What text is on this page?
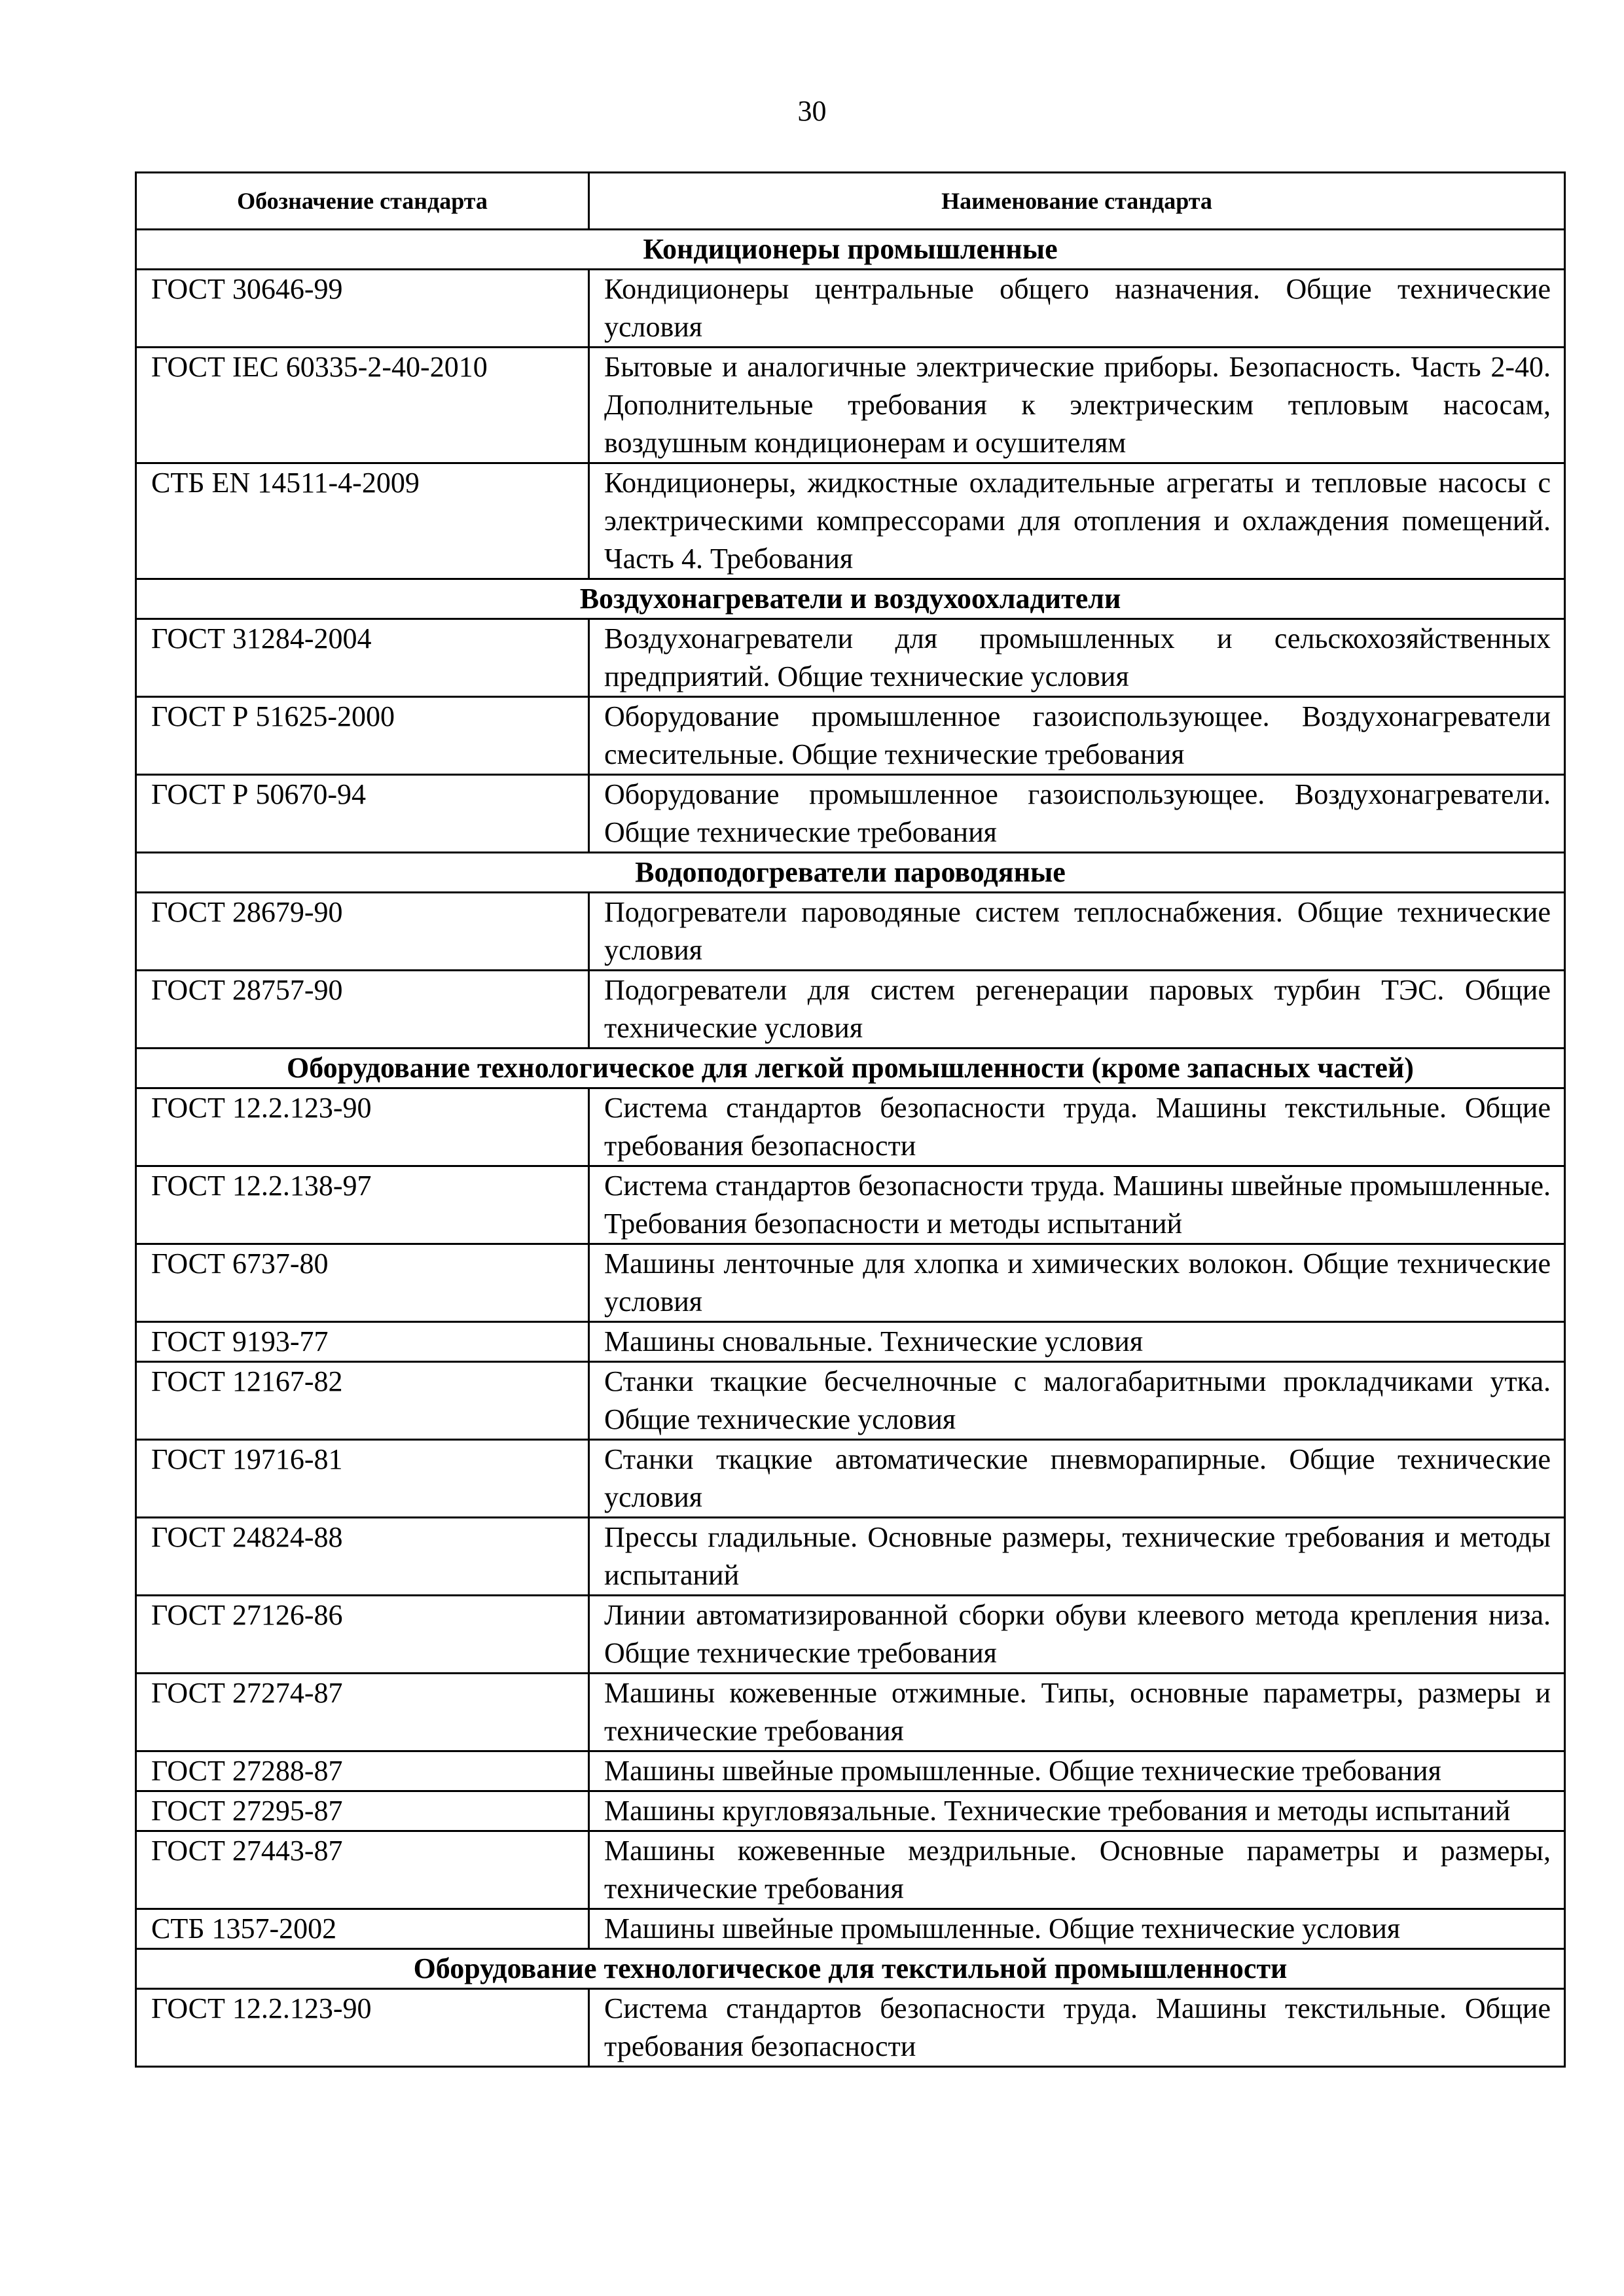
30
Обозначение стандарта	Наименование стандарта
Кондиционеры промышленные	
ГОСТ 30646-99	Кондиционеры центральные общего назначения. Общие технические условия
ГОСТ IEC 60335-2-40-2010	Бытовые и аналогичные электрические приборы. Безопасность. Часть 2-40. Дополнительные требования к электрическим тепловым насосам, воздушным кондиционерам и осушителям
СТБ EN 14511-4-2009	Кондиционеры, жидкостные охладительные агрегаты и тепловые насосы с электрическими компрессорами для отопления и охлаждения помещений. Часть 4. Требования
Воздухонагреватели и воздухоохладители	
ГОСТ 31284-2004	Воздухонагреватели для промышленных и сельскохозяйственных предприятий. Общие технические условия
ГОСТ Р 51625-2000	Оборудование промышленное газоиспользующее. Воздухонагреватели смесительные. Общие технические требования
ГОСТ Р 50670-94	Оборудование промышленное газоиспользующее. Воздухонагреватели. Общие технические требования
Водоподогреватели пароводяные	
ГОСТ 28679-90	Подогреватели пароводяные систем теплоснабжения. Общие технические условия
ГОСТ 28757-90	Подогреватели для систем регенерации паровых турбин ТЭС. Общие технические условия
Оборудование технологическое для легкой промышленности (кроме запасных частей)	
ГОСТ 12.2.123-90	Система стандартов безопасности труда. Машины текстильные. Общие требования безопасности
ГОСТ 12.2.138-97	Система стандартов безопасности труда. Машины швейные промышленные. Требования безопасности и методы испытаний
ГОСТ 6737-80	Машины ленточные для хлопка и химических волокон. Общие технические условия
ГОСТ 9193-77	Машины сновальные. Технические условия
ГОСТ 12167-82	Станки ткацкие бесчелночные с малогабаритными прокладчиками утка. Общие технические условия
ГОСТ 19716-81	Станки ткацкие автоматические пневморапирные. Общие технические условия
ГОСТ 24824-88	Прессы гладильные. Основные размеры, технические требования и методы испытаний
ГОСТ 27126-86	Линии автоматизированной сборки обуви клеевого метода крепления низа. Общие технические требования
ГОСТ 27274-87	Машины кожевенные отжимные. Типы, основные параметры, размеры и технические требования
ГОСТ 27288-87	Машины швейные промышленные. Общие технические требования
ГОСТ 27295-87	Машины кругловязальные. Технические требования и методы испытаний
ГОСТ 27443-87	Машины кожевенные мездрильные. Основные параметры и размеры, технические требования
СТБ 1357-2002	Машины швейные промышленные. Общие технические условия
Оборудование технологическое для текстильной промышленности	
ГОСТ 12.2.123-90	Система стандартов безопасности труда. Машины текстильные. Общие требования безопасности
